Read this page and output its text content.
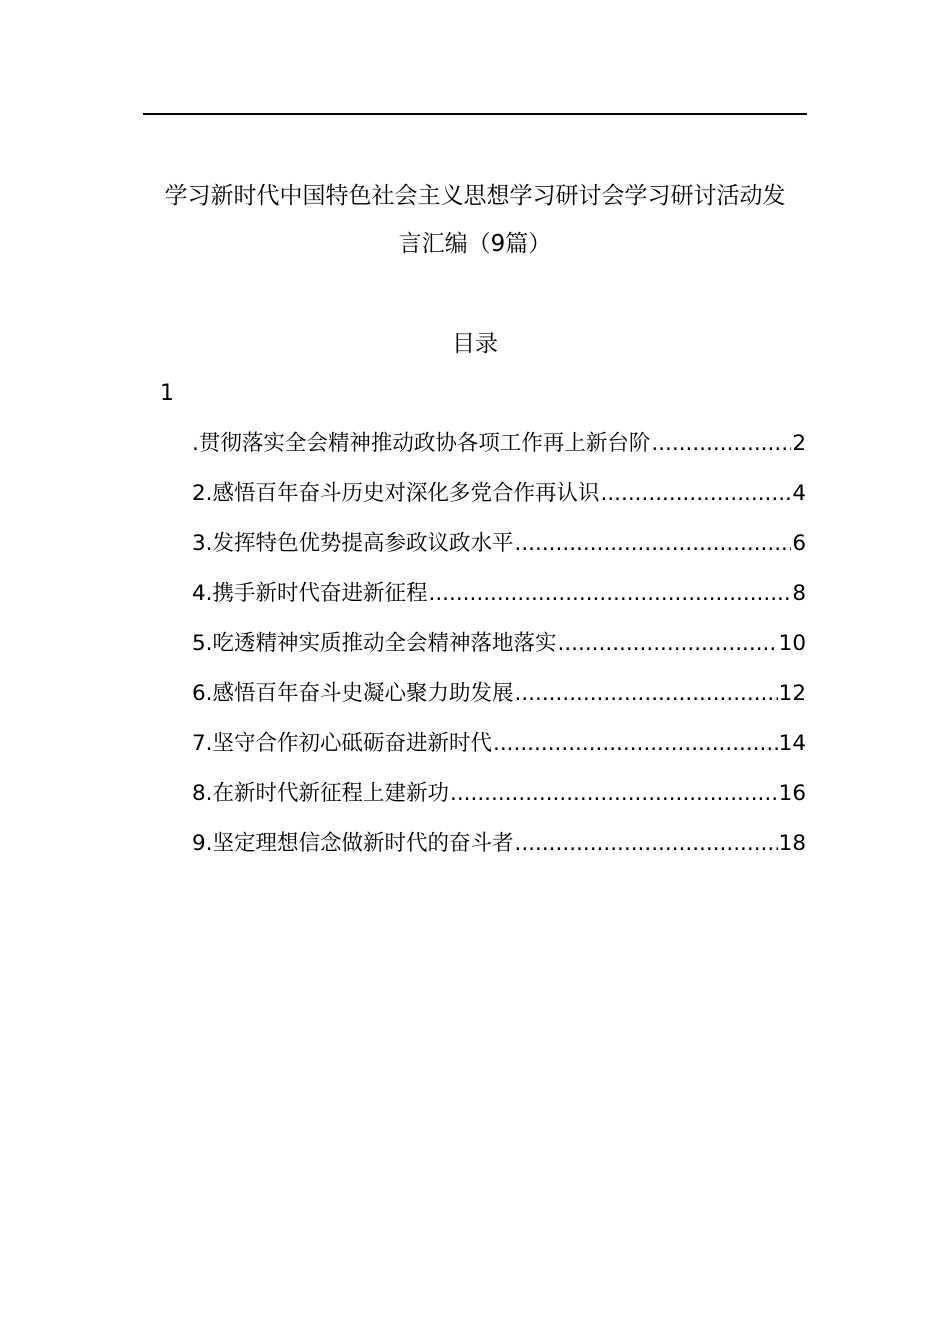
学习新时代中国特色社会主义思想学习研讨会学习研讨活动发
言汇编（9篇）
目录
1
.贯彻落实全会精神推动政协各项工作再上新台阶 .....	2
2.感悟百年奋斗历史对深化多党合作再认识 .....	4
3.发挥特色优势提高参政议政水平 .....	6
4.携手新时代奋进新征程 .....	8
5.吃透精神实质推动全会精神落地落实 .....	10
6.感悟百年奋斗史凝心聚力助发展 .....	12
7.坚守合作初心砥砺奋进新时代 .....	14
8.在新时代新征程上建新功 .....	16
9.坚定理想信念做新时代的奋斗者 .....	18
